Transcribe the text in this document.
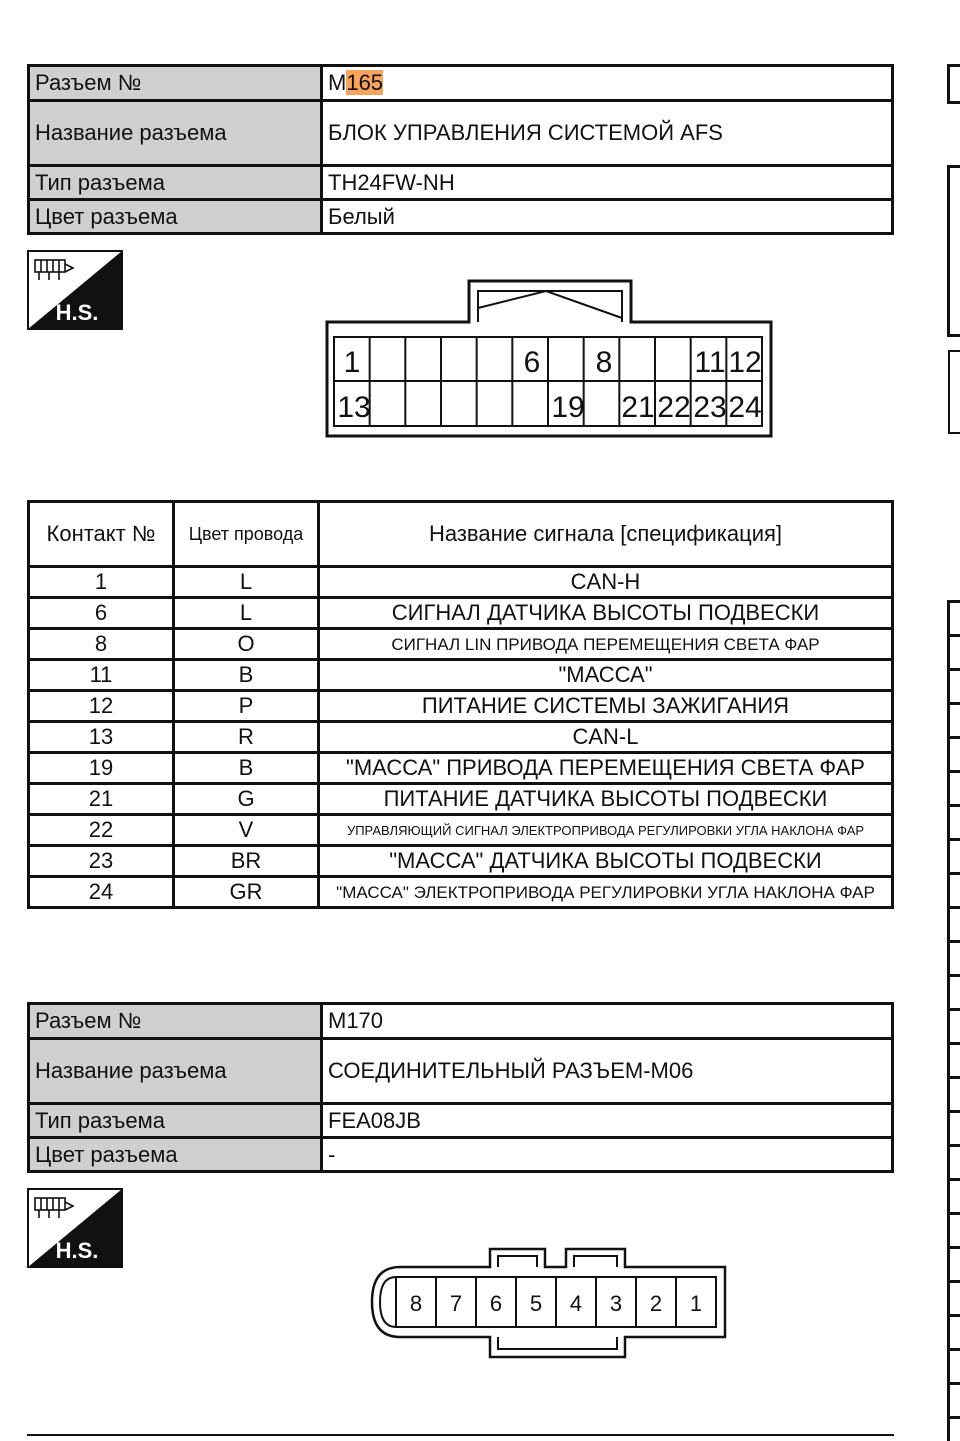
Разъем №	M165
Название разъема	БЛОК УПРАВЛЕНИЯ СИСТЕМОЙ AFS
Тип разъема	TH24FW-NH
Цвет разъема	Белый
H.S.
1	6 8	11 12
13	19 21 22 23 24
Контакт №	Цвет провода	Название сигнала [спецификация]
1	L	CAN-H
6	L	СИГНАЛ ДАТЧИКА ВЫСОТЫ ПОДВЕСКИ
8	O	СИГНАЛ LIN ПРИВОДА ПЕРЕМЕЩЕНИЯ СВЕТА ФАР
11	B	"МАССА"
12	P	ПИТАНИЕ СИСТЕМЫ ЗАЖИГАНИЯ
13	R	CAN-L
19	B	"МАССА" ПРИВОДА ПЕРЕМЕЩЕНИЯ СВЕТА ФАР
21	G	ПИТАНИЕ ДАТЧИКА ВЫСОТЫ ПОДВЕСКИ
22	V	УПРАВЛЯЮЩИЙ СИГНАЛ ЭЛЕКТРОПРИВОДА РЕГУЛИРОВКИ УГЛА НАКЛОНА ФАР
23	BR	"МАССА" ДАТЧИКА ВЫСОТЫ ПОДВЕСКИ
24	GR	"МАССА" ЭЛЕКТРОПРИВОДА РЕГУЛИРОВКИ УГЛА НАКЛОНА ФАР
Разъем №	M170
Название разъема	СОЕДИНИТЕЛЬНЫЙ РАЗЪЕМ-M06
Тип разъема	FEA08JB
Цвет разъема	-
H.S.
8 7 6 5 4 3 2 1
